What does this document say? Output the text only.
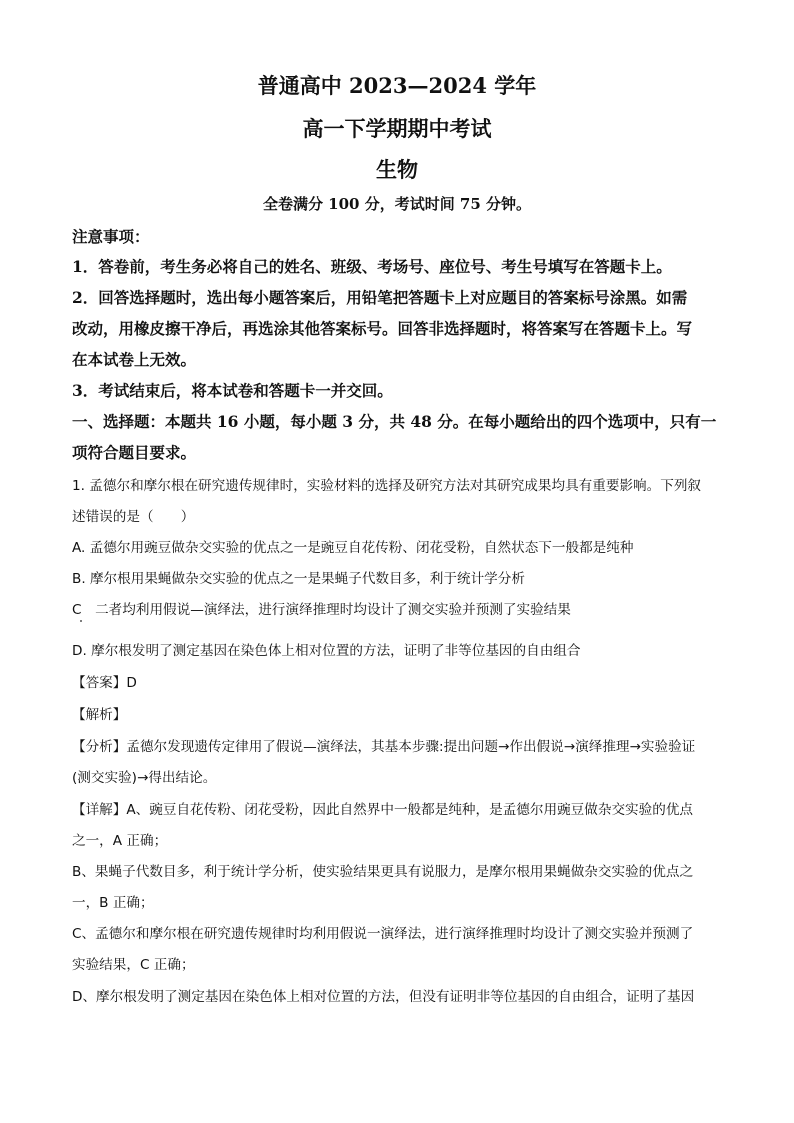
普通高中 2023—2024 学年
高一下学期期中考试
生物
全卷满分 100 分，考试时间 75 分钟。
注意事项：
1．答卷前，考生务必将自己的姓名、班级、考场号、座位号、考生号填写在答题卡上。
2．回答选择题时，选出每小题答案后，用铅笔把答题卡上对应题目的答案标号涂黑。如需
改动，用橡皮擦干净后，再选涂其他答案标号。回答非选择题时，将答案写在答题卡上。写
在本试卷上无效。
3．考试结束后，将本试卷和答题卡一并交回。
一、选择题：本题共 16 小题，每小题 3 分，共 48 分。在每小题给出的四个选项中，只有一
项符合题目要求。
1. 孟德尔和摩尔根在研究遗传规律时，实验材料的选择及研究方法对其研究成果均具有重要影响。下列叙
述错误的是（　　）
A. 孟德尔用豌豆做杂交实验的优点之一是豌豆自花传粉、闭花受粉，自然状态下一般都是纯种
B. 摩尔根用果蝇做杂交实验的优点之一是果蝇子代数目多，利于统计学分析
C　二者均利用假说—演绎法，进行演绎推理时均设计了测交实验并预测了实验结果
D. 摩尔根发明了测定基因在染色体上相对位置的方法，证明了非等位基因的自由组合
【答案】D
【解析】
【分析】孟德尔发现遗传定律用了假说—演绎法，其基本步骤:提出问题→作出假说→演绎推理→实验验证
(测交实验)→得出结论。
【详解】A、豌豆自花传粉、闭花受粉，因此自然界中一般都是纯种，是孟德尔用豌豆做杂交实验的优点
之一，A 正确；
B、果蝇子代数目多，利于统计学分析，使实验结果更具有说服力，是摩尔根用果蝇做杂交实验的优点之
一，B 正确；
C、孟德尔和摩尔根在研究遗传规律时均利用假说一演绎法，进行演绎推理时均设计了测交实验并预测了
实验结果，C 正确；
D、摩尔根发明了测定基因在染色体上相对位置的方法，但没有证明非等位基因的自由组合，证明了基因
